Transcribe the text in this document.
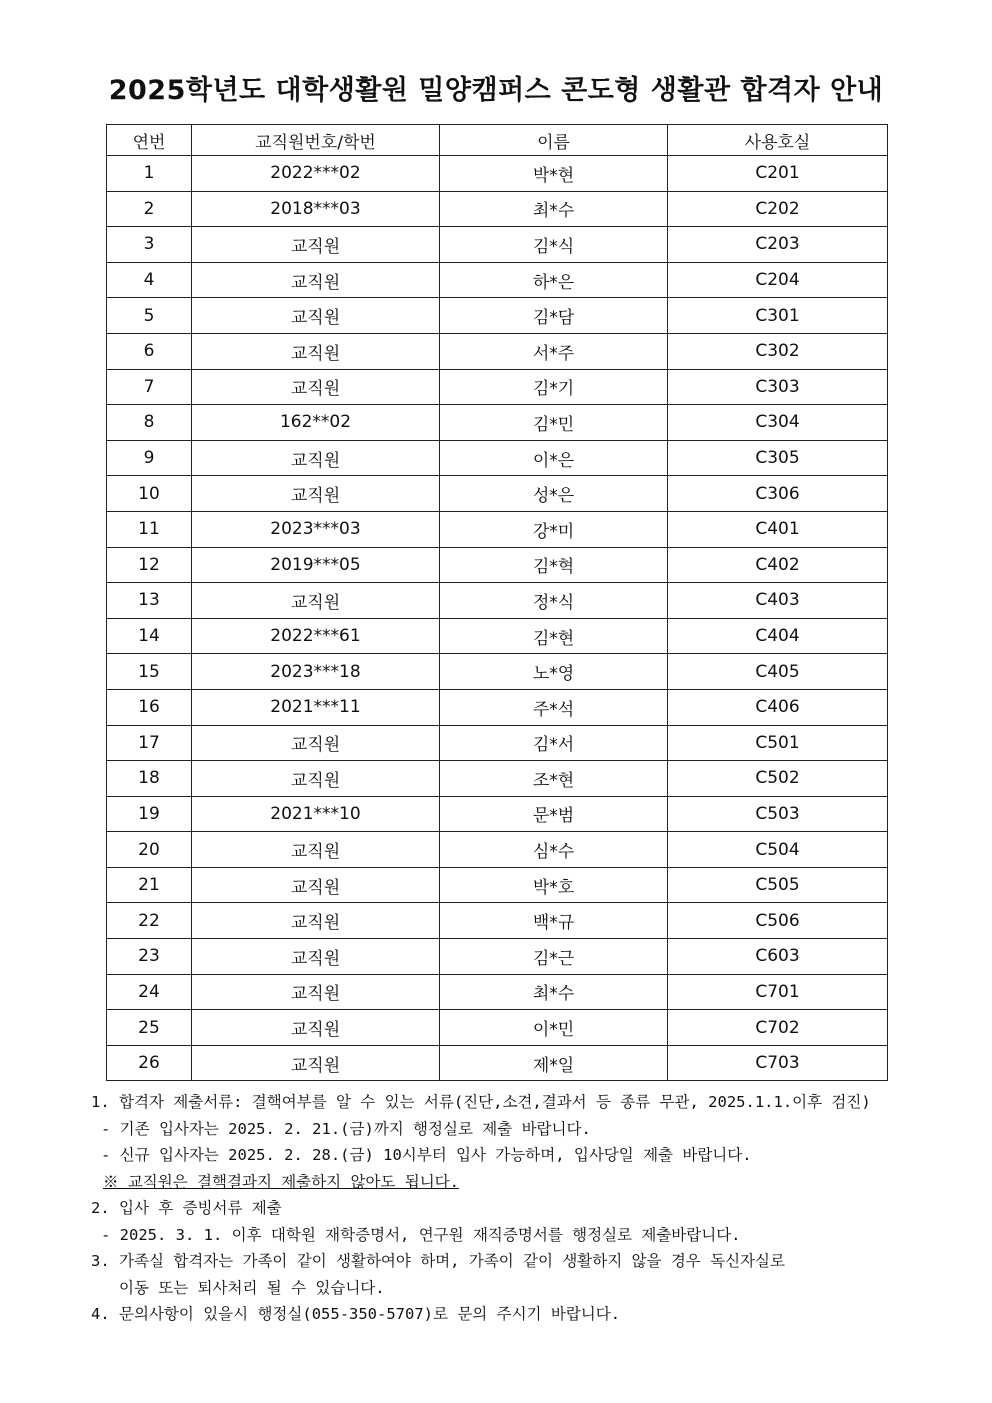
2025학년도 대학생활원 밀양캠퍼스 콘도형 생활관 합격자 안내
연번	교직원번호/학번	이름	사용호실
1	2022***02	박*현	C201
2	2018***03	최*수	C202
3	교직원	김*식	C203
4	교직원	하*은	C204
5	교직원	김*담	C301
6	교직원	서*주	C302
7	교직원	김*기	C303
8	162**02	김*민	C304
9	교직원	이*은	C305
10	교직원	성*은	C306
11	2023***03	강*미	C401
12	2019***05	김*혁	C402
13	교직원	정*식	C403
14	2022***61	김*현	C404
15	2023***18	노*영	C405
16	2021***11	주*석	C406
17	교직원	김*서	C501
18	교직원	조*현	C502
19	2021***10	문*범	C503
20	교직원	심*수	C504
21	교직원	박*호	C505
22	교직원	백*규	C506
23	교직원	김*근	C603
24	교직원	최*수	C701
25	교직원	이*민	C702
26	교직원	제*일	C703
1. 합격자 제출서류: 결핵여부를 알 수 있는 서류(진단,소견,결과서 등 종류 무관, 2025.1.1.이후 검진)
- 기존 입사자는 2025. 2. 21.(금)까지 행정실로 제출 바랍니다.
- 신규 입사자는 2025. 2. 28.(금) 10시부터 입사 가능하며, 입사당일 제출 바랍니다.
※ 교직원은 결핵결과지 제출하지 않아도 됩니다.
2. 입사 후 증빙서류 제출
- 2025. 3. 1. 이후 대학원 재학증명서, 연구원 재직증명서를 행정실로 제출바랍니다.
3. 가족실 합격자는 가족이 같이 생활하여야 하며, 가족이 같이 생활하지 않을 경우 독신자실로
이동 또는 퇴사처리 될 수 있습니다.
4. 문의사항이 있을시 행정실(055-350-5707)로 문의 주시기 바랍니다.
